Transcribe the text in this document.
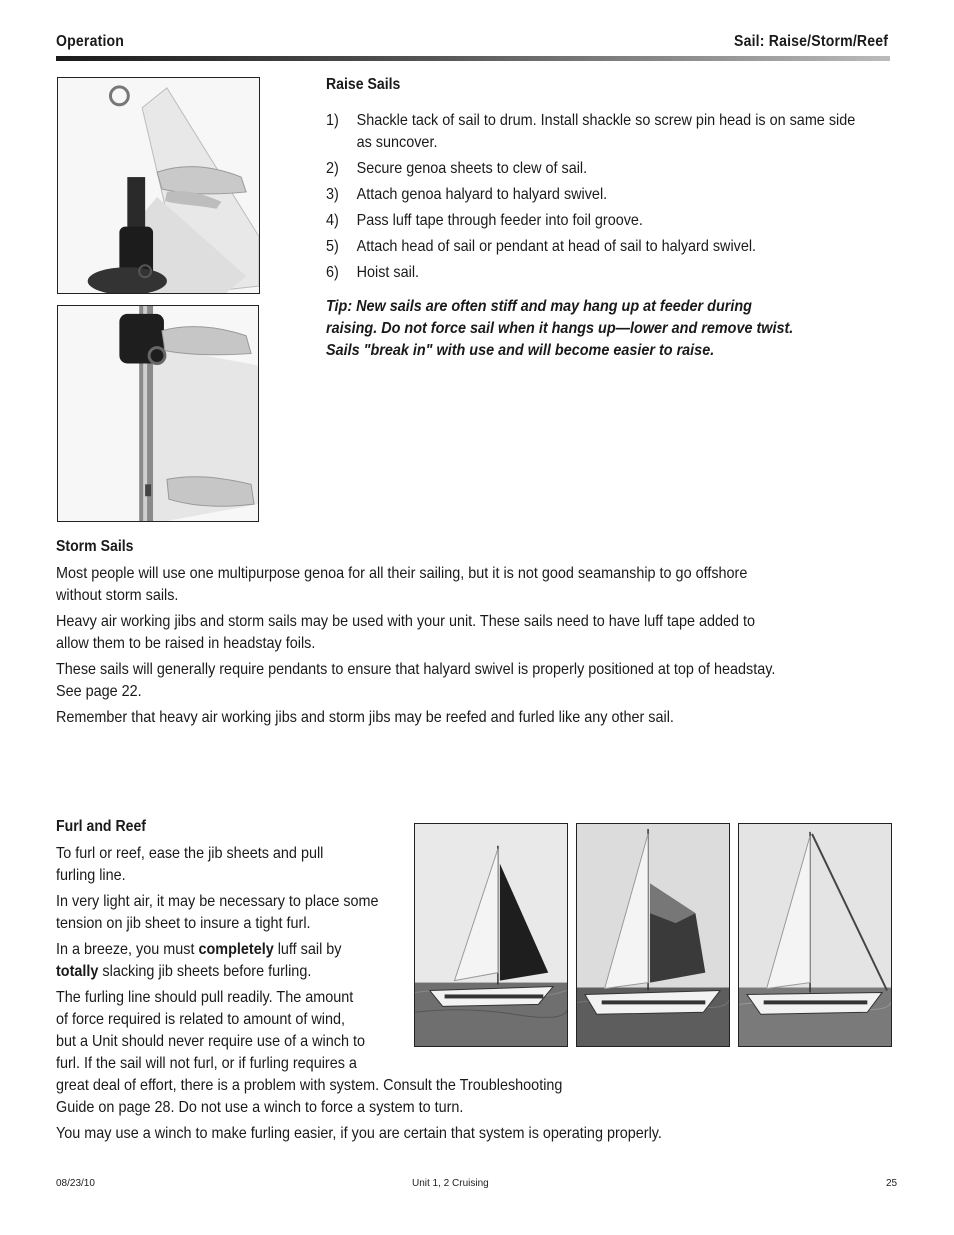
Operation	Sail: Raise/Storm/Reef
Raise Sails
1)	Shackle tack of sail to drum. Install shackle so screw pin head is on same side as suncover.
2)	Secure genoa sheets to clew of sail.
3)	Attach genoa halyard to halyard swivel.
4)	Pass luff tape through feeder into foil groove.
5)	Attach head of sail or pendant at head of sail to halyard swivel.
6)	Hoist sail.
Tip: New sails are often stiff and may hang up at feeder during raising. Do not force sail when it hangs up—lower and remove twist. Sails "break in" with use and will become easier to raise.
Storm Sails

Most people will use one multipurpose genoa for all their sailing, but it is not good seamanship to go offshore without storm sails.

Heavy air working jibs and storm sails may be used with your unit. These sails need to have luff tape added to allow them to be raised in headstay foils.

These sails will generally require pendants to ensure that halyard swivel is properly positioned at top of headstay. See page 22.

Remember that heavy air working jibs and storm jibs may be reefed and furled like any other sail.

Furl and Reef

To furl or reef, ease the jib sheets and pull furling line.

In very light air, it may be necessary to place some tension on jib sheet to insure a tight furl.

In a breeze, you must completely luff sail by
totally slacking jib sheets before furling.

The furling line should pull readily. The amount
of force required is related to amount of wind,
but a Unit should never require use of a winch to
furl. If the sail will not furl, or if furling requires a
great deal of effort, there is a problem with system. Consult the Troubleshooting
Guide on page 28. Do not use a winch to force a system to turn.

You may use a winch to make furling easier, if you are certain that system is operating properly.

08/23/10	Unit 1, 2 Cruising	25
